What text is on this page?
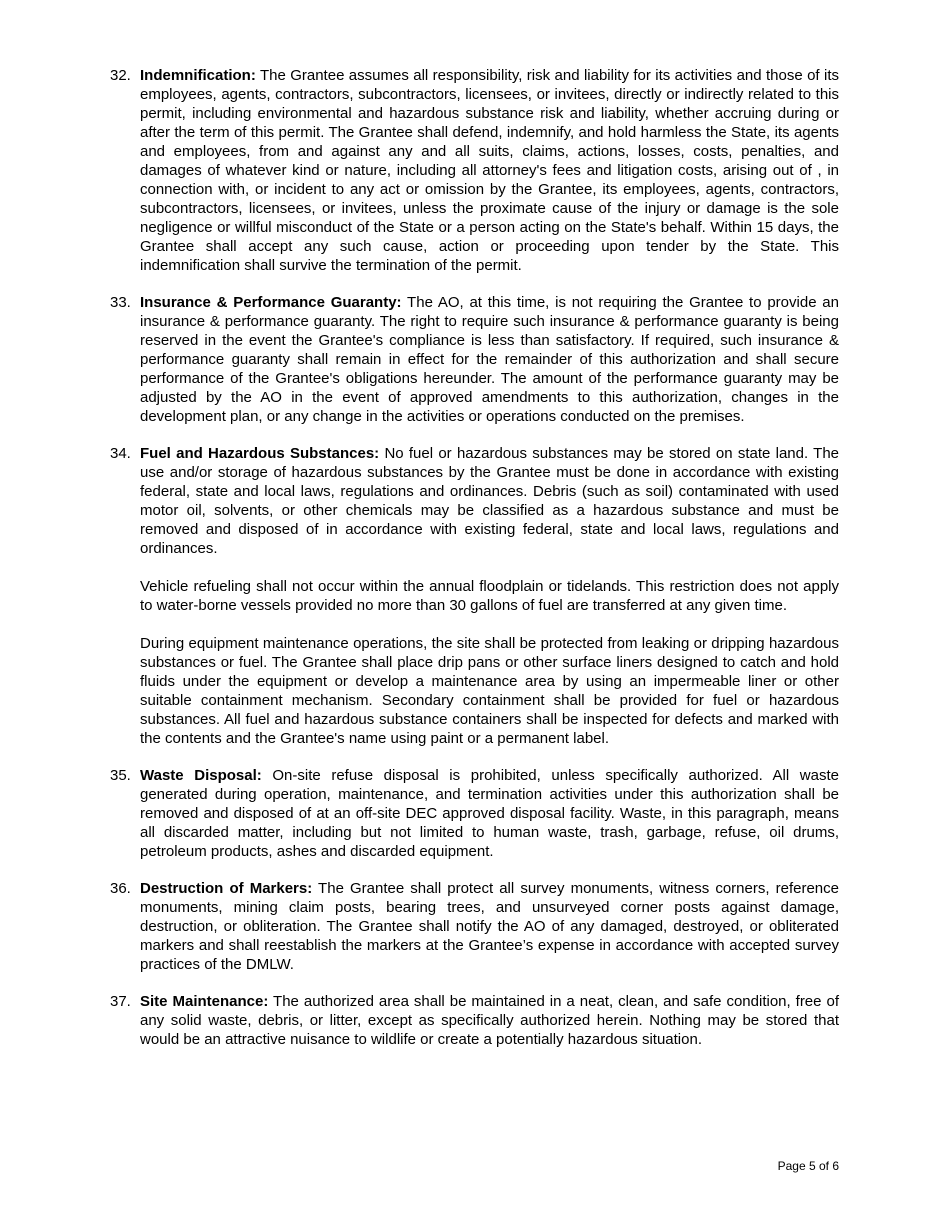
32. Indemnification: The Grantee assumes all responsibility, risk and liability for its activities and those of its employees, agents, contractors, subcontractors, licensees, or invitees, directly or indirectly related to this permit, including environmental and hazardous substance risk and liability, whether accruing during or after the term of this permit. The Grantee shall defend, indemnify, and hold harmless the State, its agents and employees, from and against any and all suits, claims, actions, losses, costs, penalties, and damages of whatever kind or nature, including all attorney's fees and litigation costs, arising out of , in connection with, or incident to any act or omission by the Grantee, its employees, agents, contractors, subcontractors, licensees, or invitees, unless the proximate cause of the injury or damage is the sole negligence or willful misconduct of the State or a person acting on the State's behalf. Within 15 days, the Grantee shall accept any such cause, action or proceeding upon tender by the State. This indemnification shall survive the termination of the permit.

33. Insurance & Performance Guaranty: The AO, at this time, is not requiring the Grantee to provide an insurance & performance guaranty. The right to require such insurance & performance guaranty is being reserved in the event the Grantee's compliance is less than satisfactory. If required, such insurance & performance guaranty shall remain in effect for the remainder of this authorization and shall secure performance of the Grantee's obligations hereunder. The amount of the performance guaranty may be adjusted by the AO in the event of approved amendments to this authorization, changes in the development plan, or any change in the activities or operations conducted on the premises.

34. Fuel and Hazardous Substances: No fuel or hazardous substances may be stored on state land. The use and/or storage of hazardous substances by the Grantee must be done in accordance with existing federal, state and local laws, regulations and ordinances. Debris (such as soil) contaminated with used motor oil, solvents, or other chemicals may be classified as a hazardous substance and must be removed and disposed of in accordance with existing federal, state and local laws, regulations and ordinances.

Vehicle refueling shall not occur within the annual floodplain or tidelands. This restriction does not apply to water-borne vessels provided no more than 30 gallons of fuel are transferred at any given time.

During equipment maintenance operations, the site shall be protected from leaking or dripping hazardous substances or fuel. The Grantee shall place drip pans or other surface liners designed to catch and hold fluids under the equipment or develop a maintenance area by using an impermeable liner or other suitable containment mechanism. Secondary containment shall be provided for fuel or hazardous substances. All fuel and hazardous substance containers shall be inspected for defects and marked with the contents and the Grantee's name using paint or a permanent label.

35. Waste Disposal: On-site refuse disposal is prohibited, unless specifically authorized. All waste generated during operation, maintenance, and termination activities under this authorization shall be removed and disposed of at an off-site DEC approved disposal facility. Waste, in this paragraph, means all discarded matter, including but not limited to human waste, trash, garbage, refuse, oil drums, petroleum products, ashes and discarded equipment.

36. Destruction of Markers: The Grantee shall protect all survey monuments, witness corners, reference monuments, mining claim posts, bearing trees, and unsurveyed corner posts against damage, destruction, or obliteration. The Grantee shall notify the AO of any damaged, destroyed, or obliterated markers and shall reestablish the markers at the Grantee’s expense in accordance with accepted survey practices of the DMLW.

37. Site Maintenance: The authorized area shall be maintained in a neat, clean, and safe condition, free of any solid waste, debris, or litter, except as specifically authorized herein. Nothing may be stored that would be an attractive nuisance to wildlife or create a potentially hazardous situation.

Page 5 of 6
